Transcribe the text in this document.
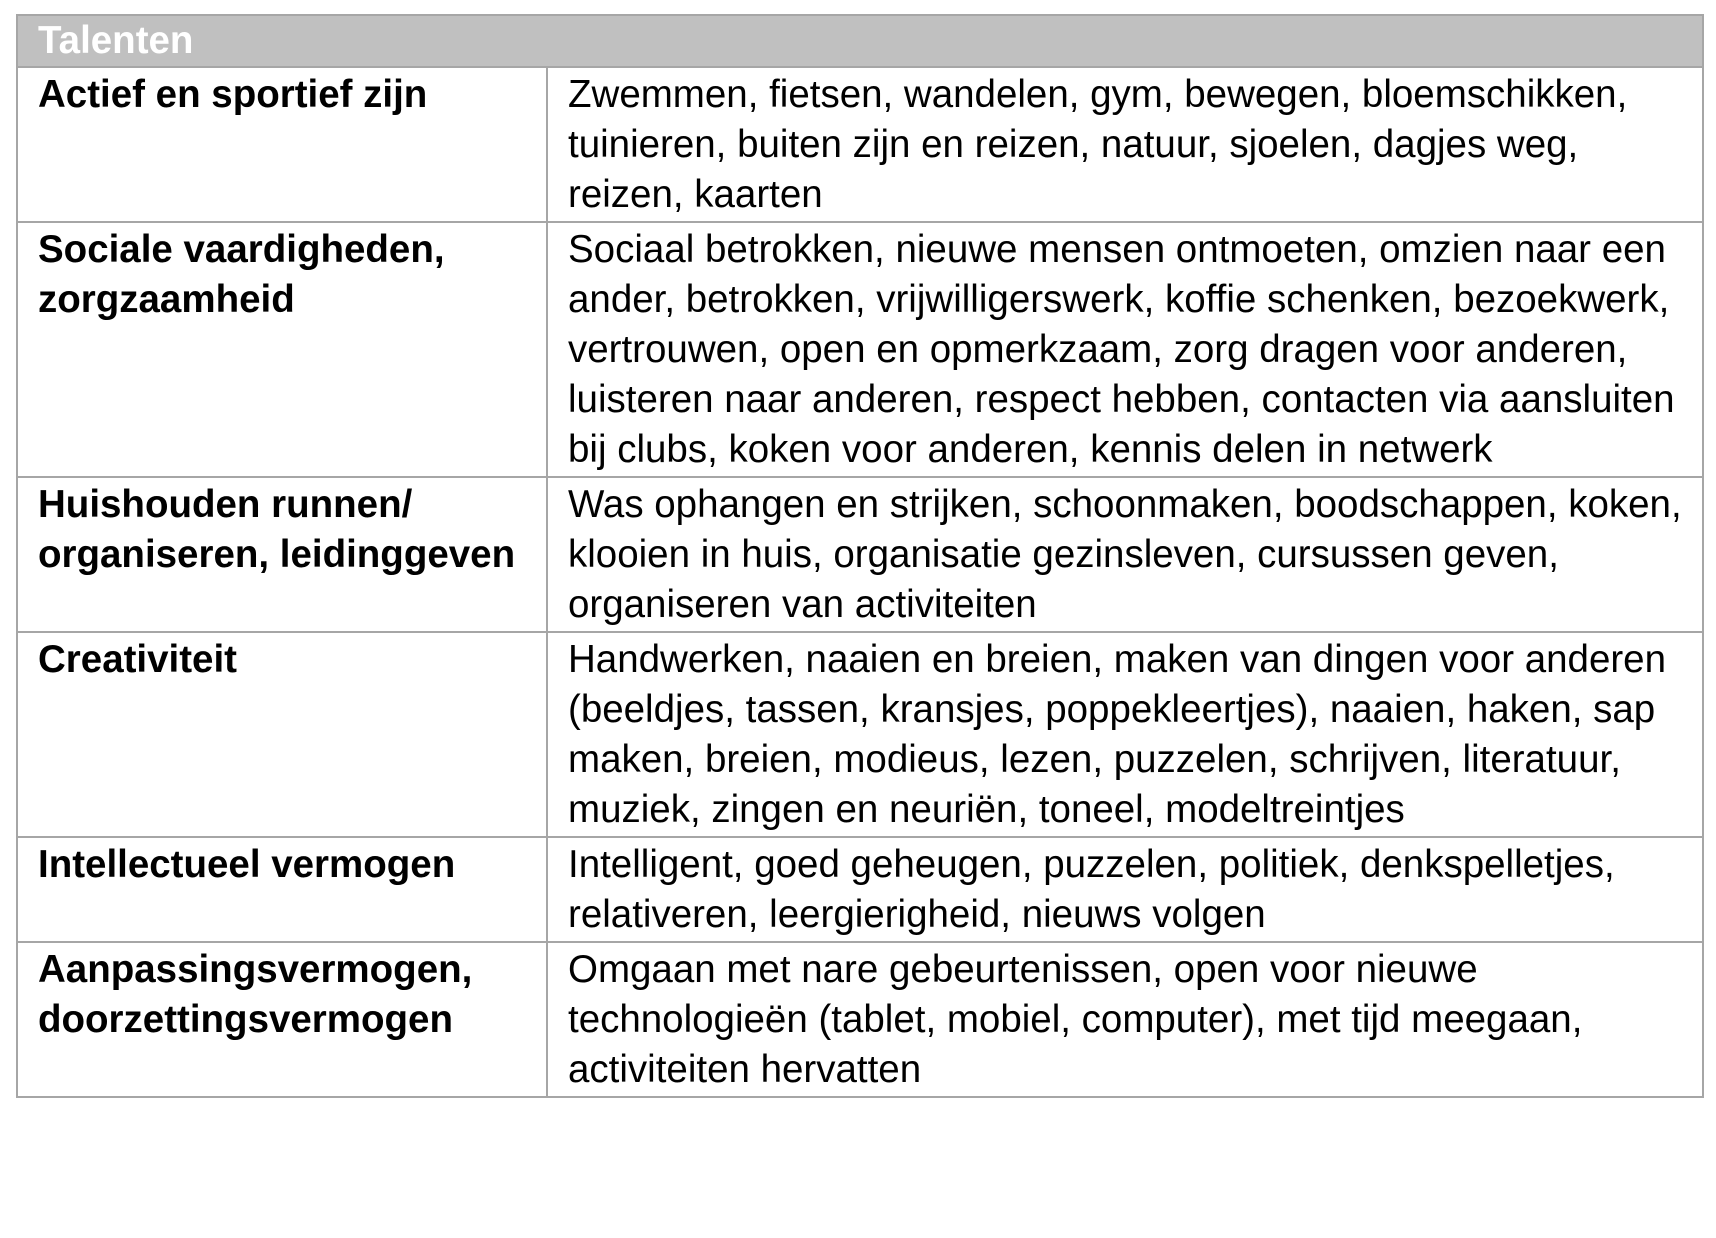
Talenten	
Actief en sportief zijn	Zwemmen, fietsen, wandelen, gym, bewegen, bloemschikken, tuinieren, buiten zijn en reizen, natuur, sjoelen, dagjes weg, reizen, kaarten
Sociale vaardigheden, zorgzaamheid	Sociaal betrokken, nieuwe mensen ontmoeten, omzien naar een ander, betrokken, vrijwilligerswerk, koffie schenken, bezoekwerk, vertrouwen, open en opmerkzaam, zorg dragen voor anderen, luisteren naar anderen, respect hebben, contacten via aansluiten bij clubs, koken voor anderen, kennis delen in netwerk
Huishouden runnen/ organiseren, leidinggeven	Was ophangen en strijken, schoonmaken, boodschappen, koken, klooien in huis, organisatie gezinsleven, cursussen geven, organiseren van activiteiten
Creativiteit	Handwerken, naaien en breien, maken van dingen voor anderen (beeldjes, tassen, kransjes, poppekleertjes), naaien, haken, sap maken, breien, modieus, lezen, puzzelen, schrijven, literatuur, muziek, zingen en neuriën, toneel, modeltreintjes
Intellectueel vermogen	Intelligent, goed geheugen, puzzelen, politiek, denkspelletjes, relativeren, leergierigheid, nieuws volgen
Aanpassingsvermogen, doorzettingsvermogen	Omgaan met nare gebeurtenissen, open voor nieuwe technologieën (tablet, mobiel, computer), met tijd meegaan, activiteiten hervatten
